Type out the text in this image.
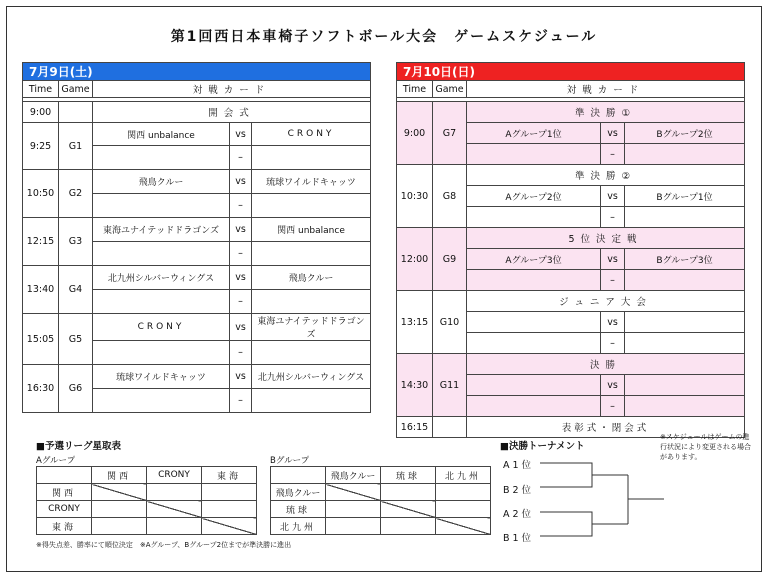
第1回西日本車椅子ソフトボール大会　ゲームスケジュール
7月9日(土)				
Time	Game	対戦カード		

9:00		開会式		
9:25	G1	関西 unbalance	vs	CRONY
			–	
10:50	G2	飛鳥クルー	vs	琉球ワイルドキャッツ
			–	
12:15	G3	東海ユナイテッドドラゴンズ	vs	関西 unbalance
			–	
13:40	G4	北九州シルバーウィングス	vs	飛鳥クルー
			–	
15:05	G5	CRONY	vs	東海ユナイテッドドラゴンズ
			–	
16:30	G6	琉球ワイルドキャッツ	vs	北九州シルバーウィングス
			–	
7月10日(日)				
Time	Game	対戦カード		

9:00	G7	準決勝①		
		Aグループ1位	vs	Bグループ2位
			–	
10:30	G8	準決勝②		
		Aグループ2位	vs	Bグループ1位
			–	
12:00	G9	5位決定戦		
		Aグループ3位	vs	Bグループ3位
			–	
13:15	G10	ジュニア大会		
			vs	
			–	
14:30	G11	決勝		
			vs	
			–	
16:15		表彰式・閉会式		
■予選リーグ星取表
Aグループ	Bグループ
	関西	CRONY	東海
関西			
CRONY			
東海			
	飛鳥クルー	琉球	北九州
飛鳥クルー			
琉球			
北九州			
※得失点差、勝率にて順位決定　※Aグループ、Bグループ2位までが準決勝に進出
■決勝トーナメント
※スケジュールはゲームの進行状況により変更される場合があります。
A1位
B2位
A2位
B1位
